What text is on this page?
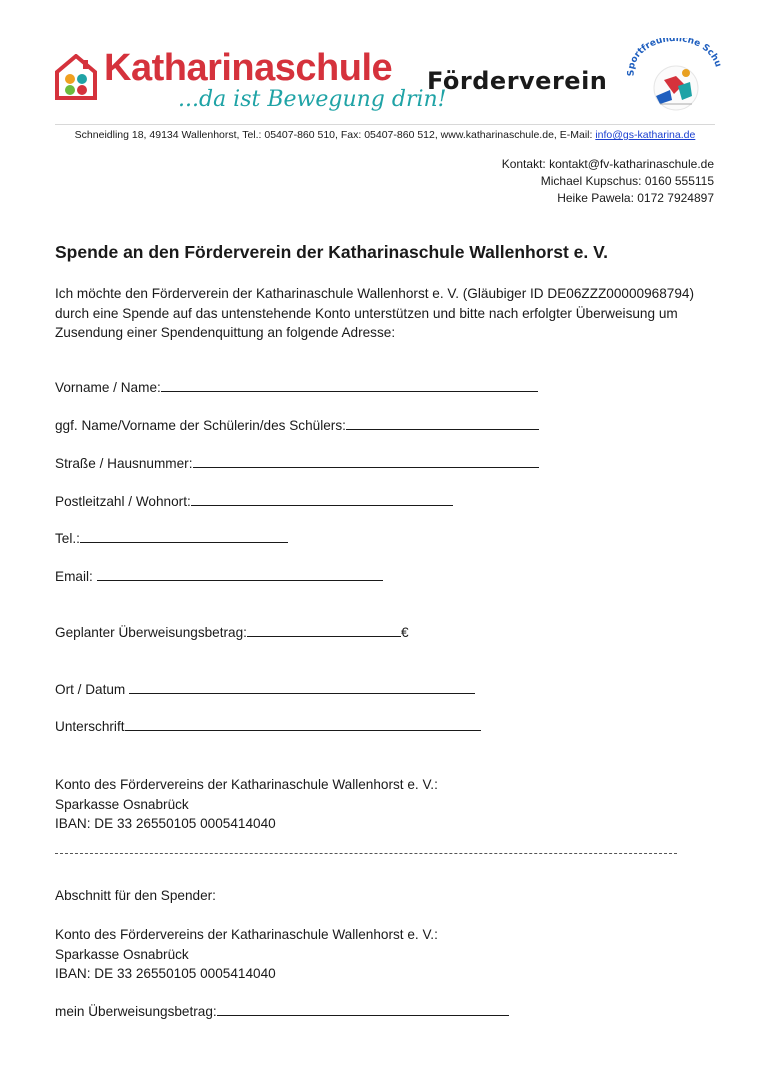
Katharinaschule
...da ist Bewegung drin!
Förderverein	Sportfreundliche Schu
Schneidling 18, 49134 Wallenhorst, Tel.: 05407-860 510, Fax: 05407-860 512, www.katharinaschule.de, E-Mail: info@gs-katharina.de
Kontakt: kontakt@fv-katharinaschule.de
Michael Kupschus: 0160 555115
Heike Pawela: 0172 7924897
Spende an den Förderverein der Katharinaschule Wallenhorst e. V.
Ich möchte den Förderverein der Katharinaschule Wallenhorst e. V. (Gläubiger ID DE06ZZZ00000968794) durch eine Spende auf das untenstehende Konto unterstützen und bitte nach erfolgter Überweisung um Zusendung einer Spendenquittung an folgende Adresse:
Vorname / Name:
ggf. Name/Vorname der Schülerin/des Schülers:
Straße / Hausnummer:
Postleitzahl / Wohnort:
Tel.:
Email:
Geplanter Überweisungsbetrag:	€
Ort / Datum
Unterschrift
Konto des Fördervereins der Katharinaschule Wallenhorst e. V.:
Sparkasse Osnabrück
IBAN: DE 33 26550105 0005414040
Abschnitt für den Spender:
Konto des Fördervereins der Katharinaschule Wallenhorst e. V.:
Sparkasse Osnabrück
IBAN: DE 33 26550105 0005414040
mein Überweisungsbetrag:
